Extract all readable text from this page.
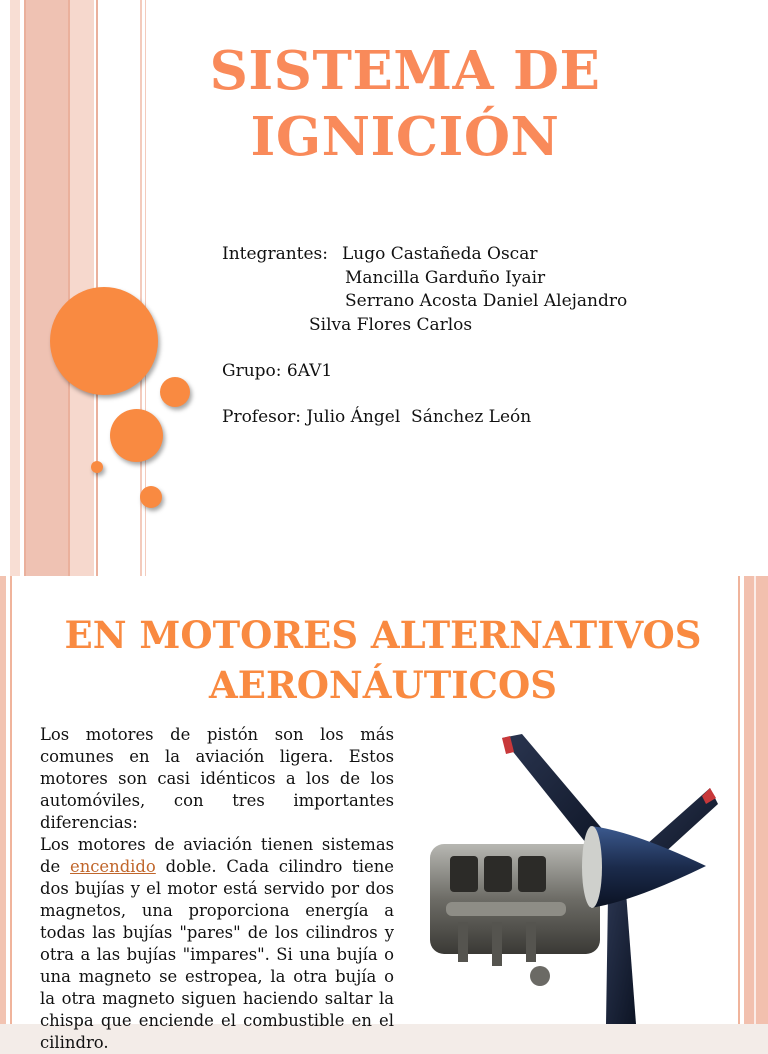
SISTEMA DE
IGNICIÓN
Integrantes: Lugo Castañeda Oscar
Mancilla Garduño Iyair
Serrano Acosta Daniel Alejandro
Silva Flores Carlos
Grupo: 6AV1
Profesor: Julio Ángel  Sánchez León
EN MOTORES ALTERNATIVOS
AERONÁUTICOS

Los motores de pistón son los más comunes en la aviación ligera. Estos motores son casi idénticos a los de los automóviles, con tres importantes diferencias:

Los motores de aviación tienen sistemas de encendido doble. Cada cilindro tiene dos bujías y el motor está servido por dos magnetos, una proporciona energía a todas las bujías "pares" de los cilindros y otra a las bujías "impares". Si una bujía o una magneto se estropea, la otra bujía o la otra magneto siguen haciendo saltar la chispa que enciende el combustible en el cilindro.
